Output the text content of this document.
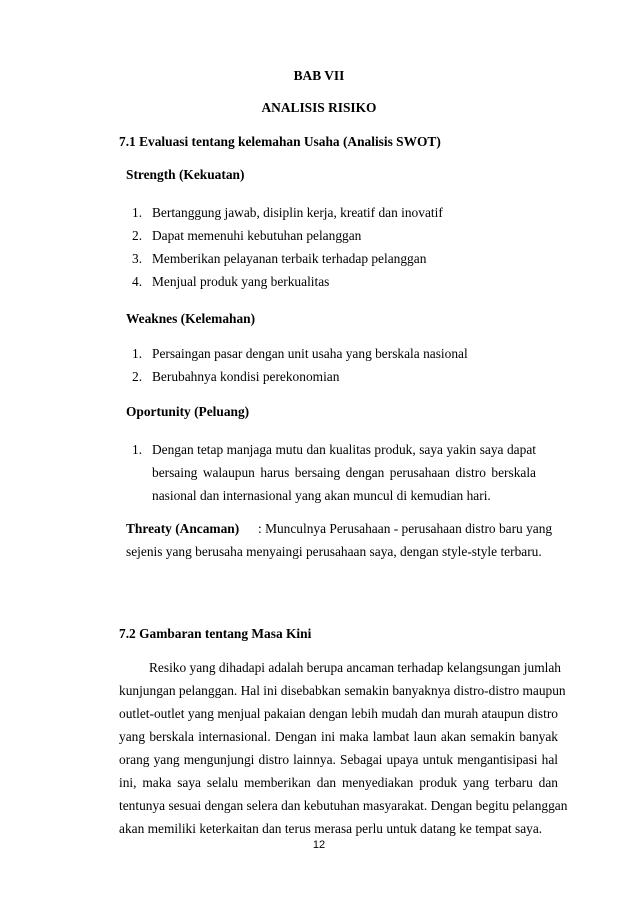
BAB VII
ANALISIS RISIKO
7.1 Evaluasi tentang kelemahan Usaha (Analisis SWOT)
Strength (Kekuatan)
1. Bertanggung jawab, disiplin kerja, kreatif dan inovatif
2. Dapat memenuhi kebutuhan pelanggan
3. Memberikan pelayanan terbaik terhadap pelanggan
4. Menjual produk yang berkualitas
Weaknes (Kelemahan)
1. Persaingan pasar dengan unit usaha yang berskala nasional
2. Berubahnya kondisi perekonomian
Oportunity (Peluang)
1. Dengan tetap manjaga mutu dan kualitas produk, saya yakin saya dapat
bersaing walaupun harus bersaing dengan perusahaan distro berskala
nasional dan internasional yang akan muncul di kemudian hari.
Threaty (Ancaman) : Munculnya Perusahaan - perusahaan distro baru yang
sejenis yang berusaha menyaingi perusahaan saya, dengan style-style terbaru.
7.2 Gambaran tentang Masa Kini
Resiko yang dihadapi adalah berupa ancaman terhadap kelangsungan jumlah
kunjungan pelanggan. Hal ini disebabkan semakin banyaknya distro-distro maupun
outlet-outlet yang menjual pakaian dengan lebih mudah dan murah ataupun distro
yang berskala internasional. Dengan ini maka lambat laun akan semakin banyak
orang yang mengunjungi distro lainnya. Sebagai upaya untuk mengantisipasi hal
ini, maka saya selalu memberikan dan menyediakan produk yang terbaru dan
tentunya sesuai dengan selera dan kebutuhan masyarakat. Dengan begitu pelanggan
akan memiliki keterkaitan dan terus merasa perlu untuk datang ke tempat saya.
12
